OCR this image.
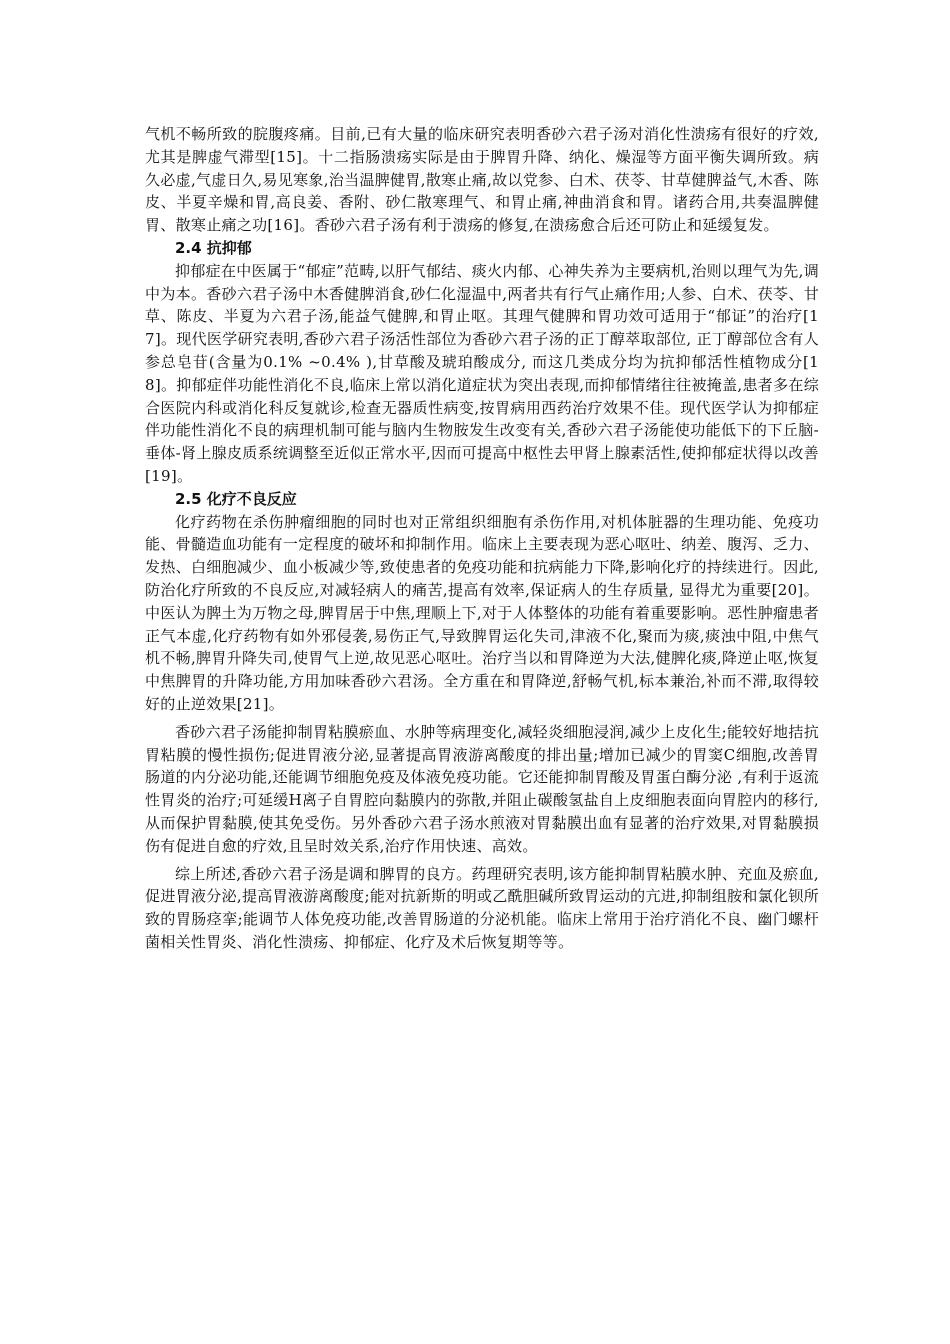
气机不畅所致的脘腹疼痛。目前,已有大量的临床研究表明香砂六君子汤对消化性溃疡有很好的疗效,尤其是脾虚气滞型[15]。十二指肠溃疡实际是由于脾胃升降、纳化、燥湿等方面平衡失调所致。病久必虚,气虚日久,易见寒象,治当温脾健胃,散寒止痛,故以党参、白术、茯苓、甘草健脾益气,木香、陈皮、半夏辛燥和胃,高良姜、香附、砂仁散寒理气、和胃止痛,神曲消食和胃。诸药合用,共奏温脾健胃、散寒止痛之功[16]。香砂六君子汤有利于溃疡的修复,在溃疡愈合后还可防止和延缓复发。

2.4 抗抑郁

抑郁症在中医属于“郁症”范畴,以肝气郁结、痰火内郁、心神失养为主要病机,治则以理气为先,调中为本。香砂六君子汤中木香健脾消食,砂仁化湿温中,两者共有行气止痛作用;人参、白术、茯苓、甘草、陈皮、半夏为六君子汤,能益气健脾,和胃止呕。其理气健脾和胃功效可适用于“郁证”的治疗[17]。现代医学研究表明,香砂六君子汤活性部位为香砂六君子汤的正丁醇萃取部位, 正丁醇部位含有人参总皂苷(含量为0.1% ~0.4% ),甘草酸及琥珀酸成分, 而这几类成分均为抗抑郁活性植物成分[18]。抑郁症伴功能性消化不良,临床上常以消化道症状为突出表现,而抑郁情绪往往被掩盖,患者多在综合医院内科或消化科反复就诊,检查无器质性病变,按胃病用西药治疗效果不佳。现代医学认为抑郁症伴功能性消化不良的病理机制可能与脑内生物胺发生改变有关,香砂六君子汤能使功能低下的下丘脑-垂体-肾上腺皮质系统调整至近似正常水平,因而可提高中枢性去甲肾上腺素活性,使抑郁症状得以改善[19]。

2.5 化疗不良反应

化疗药物在杀伤肿瘤细胞的同时也对正常组织细胞有杀伤作用,对机体脏器的生理功能、免疫功能、骨髓造血功能有一定程度的破坏和抑制作用。临床上主要表现为恶心呕吐、纳差、腹泻、乏力、发热、白细胞减少、血小板减少等,致使患者的免疫功能和抗病能力下降,影响化疗的持续进行。因此,防治化疗所致的不良反应,对减轻病人的痛苦,提高有效率,保证病人的生存质量, 显得尤为重要[20]。中医认为脾土为万物之母,脾胃居于中焦,理顺上下,对于人体整体的功能有着重要影响。恶性肿瘤患者正气本虚,化疗药物有如外邪侵袭,易伤正气,导致脾胃运化失司,津液不化,聚而为痰,痰浊中阻,中焦气机不畅,脾胃升降失司,使胃气上逆,故见恶心呕吐。治疗当以和胃降逆为大法,健脾化痰,降逆止呕,恢复中焦脾胃的升降功能,方用加味香砂六君汤。全方重在和胃降逆,舒畅气机,标本兼治,补而不滞,取得较好的止逆效果[21]。

香砂六君子汤能抑制胃粘膜瘀血、水肿等病理变化,减轻炎细胞浸润,减少上皮化生;能较好地拮抗胃粘膜的慢性损伤;促进胃液分泌,显著提高胃液游离酸度的排出量;增加已减少的胃窦C细胞,改善胃肠道的内分泌功能,还能调节细胞免疫及体液免疫功能。它还能抑制胃酸及胃蛋白酶分泌 ,有利于返流性胃炎的治疗;可延缓H离子自胃腔向黏膜内的弥散,并阻止碳酸氢盐自上皮细胞表面向胃腔内的移行,从而保护胃黏膜,使其免受伤。另外香砂六君子汤水煎液对胃黏膜出血有显著的治疗效果,对胃黏膜损伤有促进自愈的疗效,且呈时效关系,治疗作用快速、高效。

综上所述,香砂六君子汤是调和脾胃的良方。药理研究表明,该方能抑制胃粘膜水肿、充血及瘀血,促进胃液分泌,提高胃液游离酸度;能对抗新斯的明或乙酰胆碱所致胃运动的亢进,抑制组胺和氯化钡所致的胃肠痉挛;能调节人体免疫功能,改善胃肠道的分泌机能。临床上常用于治疗消化不良、幽门螺杆菌相关性胃炎、消化性溃疡、抑郁症、化疗及术后恢复期等等。
